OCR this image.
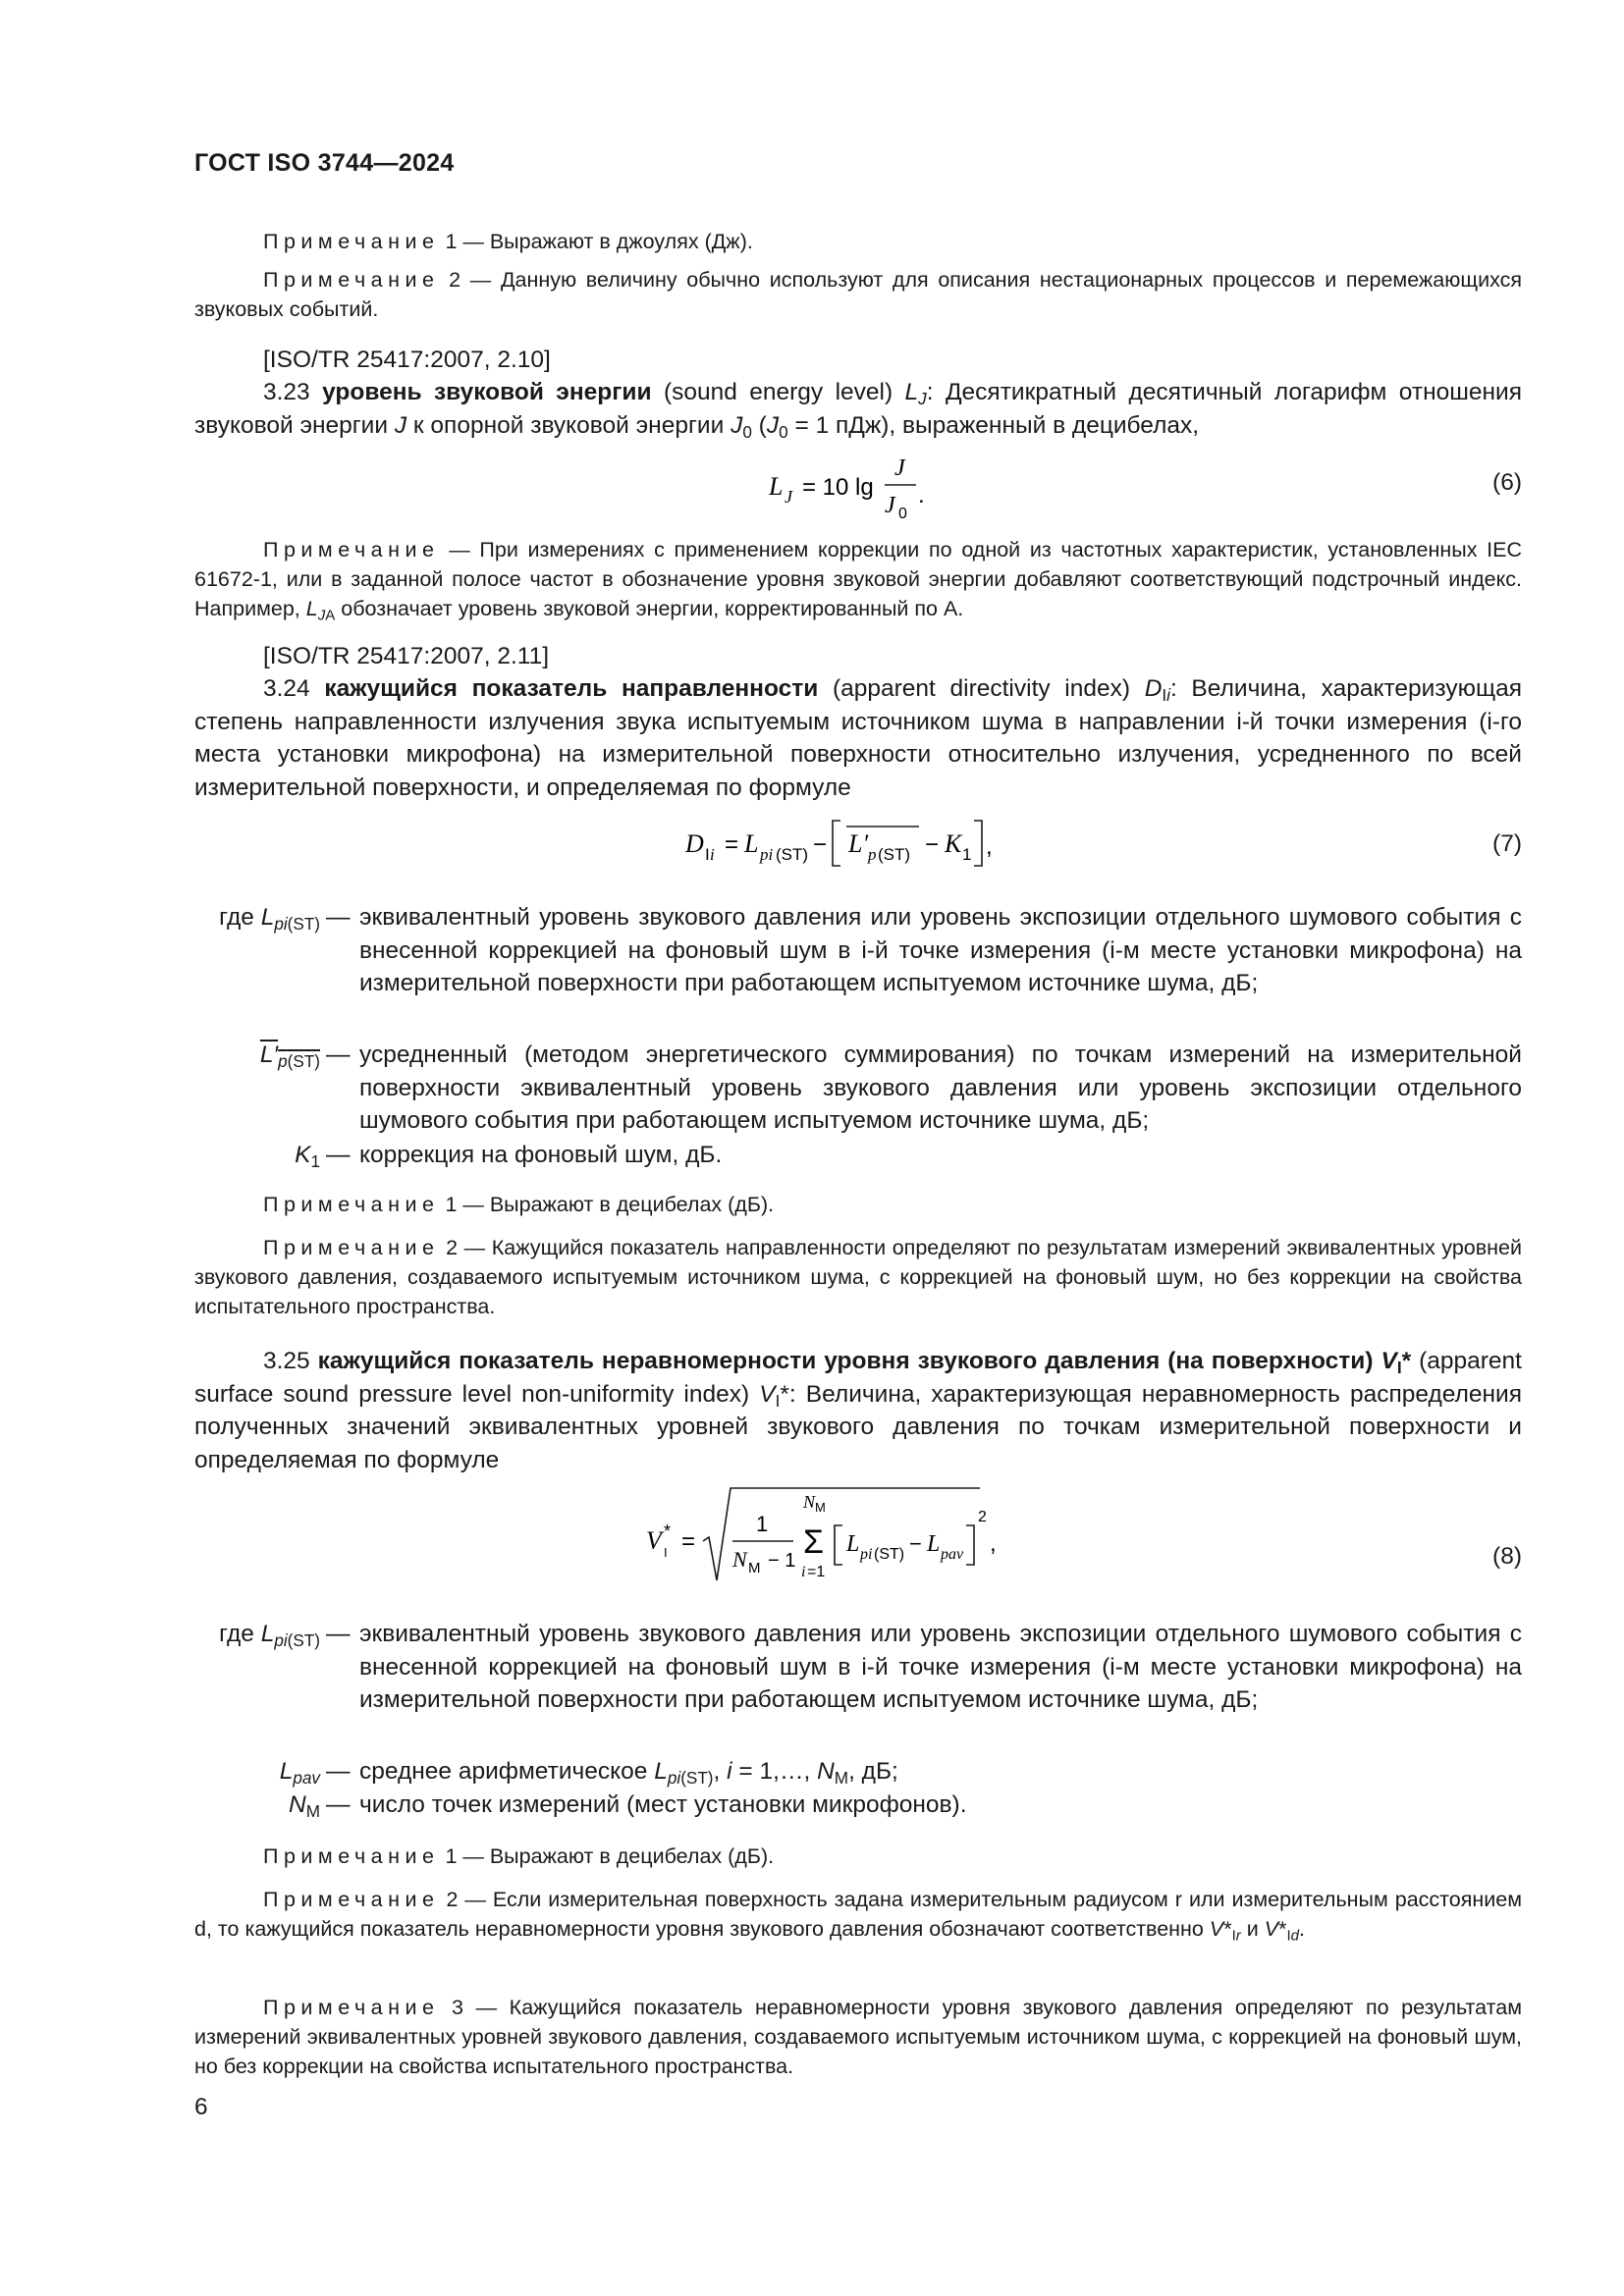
ГОСТ ISO 3744—2024

Примечание 1 — Выражают в джоулях (Дж).

Примечание 2 — Данную величину обычно используют для описания нестационарных процессов и перемежающихся звуковых событий.

[ISO/TR 25417:2007, 2.10]

3.23 уровень звуковой энергии (sound energy level) $L_J$: Десятикратный десятичный логарифм отношения звуковой энергии J к опорной звуковой энергии $J_0$ ($J_0 = 1$ пДж), выраженный в децибелах,

L J = 10 lg
J
J 0
.	(6)

Примечание — При измерениях с применением коррекции по одной из частотных характеристик, установленных IEC 61672-1, или в заданной полосе частот в обозначение уровня звуковой энергии добавляют соответствующий подстрочный индекс. Например, $L_{JA}$ обозначает уровень звуковой энергии, корректированный по А.

[ISO/TR 25417:2007, 2.11]

3.24 кажущийся показатель направленности (apparent directivity index) $D_{Ii}$: Величина, характеризующая степень направленности излучения звука испытуемым источником шума в направлении i-й точки измерения (i-го места установки микрофона) на измерительной поверхности относительно излучения, усредненного по всей измерительной поверхности, и определяемая по формуле

D I i = L pi (ST) − L′ p (ST) − K 1 ,	(7)
где $L_{pi(ST)}$ — эквивалентный уровень звукового давления или уровень экспозиции отдельного шумового события с внесенной коррекцией на фоновый шум в i-й точке измерения (i-м месте установки микрофона) на измерительной поверхности при работающем испытуемом источнике шума, дБ;
$L'_{p(ST)}$ — усредненный (методом энергетического суммирования) по точкам измерений на измерительной поверхности эквивалентный уровень звукового давления или уровень экспозиции отдельного шумового события при работающем испытуемом источнике шума, дБ;
$K_1$ — коррекция на фоновый шум, дБ.

Примечание 1 — Выражают в децибелах (дБ).

Примечание 2 — Кажущийся показатель направленности определяют по результатам измерений эквивалентных уровней звукового давления, создаваемого испытуемым источником шума, с коррекцией на фоновый шум, но без коррекции на свойства испытательного пространства.

3.25 кажущийся показатель неравномерности уровня звукового давления (на поверхности) $V_I*$ (apparent surface sound pressure level non-uniformity index) $V_I*$: Величина, характеризующая неравномерность распределения полученных значений эквивалентных уровней звукового давления по точкам измерительной поверхности и определяемая по формуле

V *
I =
1
N M − 1
N M
Σ
i =1
L pi (ST) − L pav
2
,	(8)
где $L_{pi(ST)}$ — эквивалентный уровень звукового давления или уровень экспозиции отдельного шумового события с внесенной коррекцией на фоновый шум в i-й точке измерения (i-м месте установки микрофона) на измерительной поверхности при работающем испытуемом источнике шума, дБ;
$L_{pav}$ — среднее арифметическое $L_{pi(ST)}$, i = 1,…, $N_M$, дБ;
$N_M$ — число точек измерений (мест установки микрофонов).

Примечание 1 — Выражают в децибелах (дБ).

Примечание 2 — Если измерительная поверхность задана измерительным радиусом r или измерительным расстоянием d, то кажущийся показатель неравномерности уровня звукового давления обозначают соответственно $V*_{Ir}$ и $V*_{Id}$.

Примечание 3 — Кажущийся показатель неравномерности уровня звукового давления определяют по результатам измерений эквивалентных уровней звукового давления, создаваемого испытуемым источником шума, с коррекцией на фоновый шум, но без коррекции на свойства испытательного пространства.

6
